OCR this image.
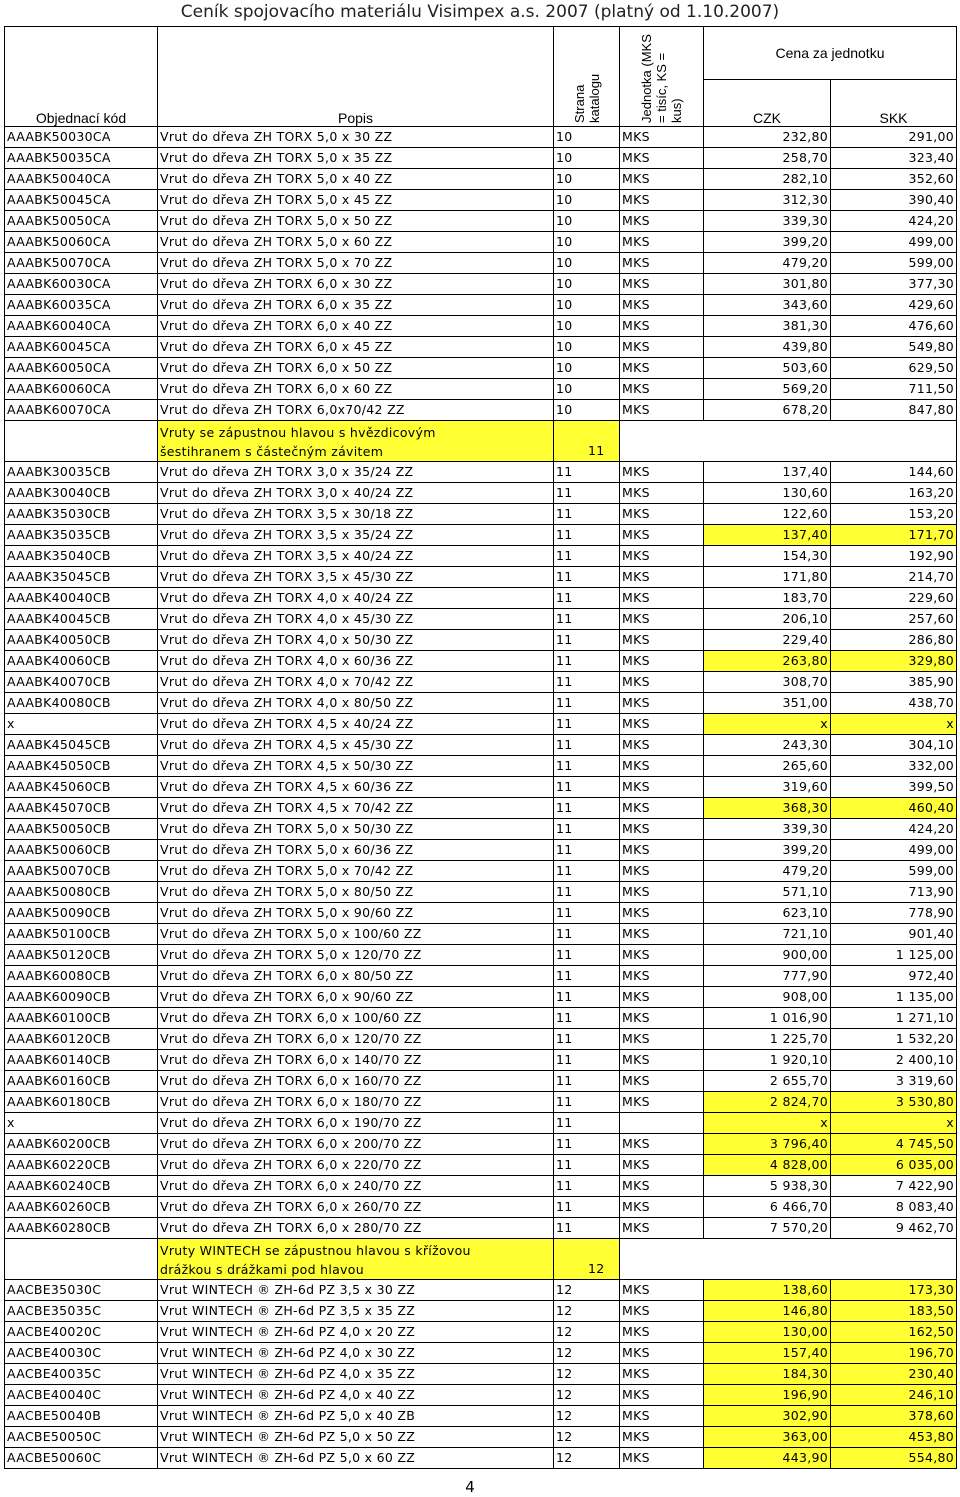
Ceník spojovacího materiálu Visimpex a.s. 2007 (platný od 1.10.2007)
Objednací kód	Popis	Strana katalogu	Jednotka (MKS = tisíc, KS = kus)	Cena za jednotku	
				CZK	SKK
AAABK50030CA	Vrut do dřeva ZH TORX 5,0 x 30 ZZ	10	MKS	232,80	291,00
AAABK50035CA	Vrut do dřeva ZH TORX 5,0 x 35 ZZ	10	MKS	258,70	323,40
AAABK50040CA	Vrut do dřeva ZH TORX 5,0 x 40 ZZ	10	MKS	282,10	352,60
AAABK50045CA	Vrut do dřeva ZH TORX 5,0 x 45 ZZ	10	MKS	312,30	390,40
AAABK50050CA	Vrut do dřeva ZH TORX 5,0 x 50 ZZ	10	MKS	339,30	424,20
AAABK50060CA	Vrut do dřeva ZH TORX 5,0 x 60 ZZ	10	MKS	399,20	499,00
AAABK50070CA	Vrut do dřeva ZH TORX 5,0 x 70 ZZ	10	MKS	479,20	599,00
AAABK60030CA	Vrut do dřeva ZH TORX 6,0 x 30 ZZ	10	MKS	301,80	377,30
AAABK60035CA	Vrut do dřeva ZH TORX 6,0 x 35 ZZ	10	MKS	343,60	429,60
AAABK60040CA	Vrut do dřeva ZH TORX 6,0 x 40 ZZ	10	MKS	381,30	476,60
AAABK60045CA	Vrut do dřeva ZH TORX 6,0 x 45 ZZ	10	MKS	439,80	549,80
AAABK60050CA	Vrut do dřeva ZH TORX 6,0 x 50 ZZ	10	MKS	503,60	629,50
AAABK60060CA	Vrut do dřeva ZH TORX 6,0 x 60 ZZ	10	MKS	569,20	711,50
AAABK60070CA	Vrut do dřeva ZH TORX 6,0x70/42 ZZ	10	MKS	678,20	847,80

	Vruty se zápustnou hlavou s hvězdicovým
šestihranem s částečným závitem	11			
AAABK30035CB	Vrut do dřeva ZH TORX 3,0 x 35/24 ZZ	11	MKS	137,40	144,60
AAABK30040CB	Vrut do dřeva ZH TORX 3,0 x 40/24 ZZ	11	MKS	130,60	163,20
AAABK35030CB	Vrut do dřeva ZH TORX 3,5 x 30/18 ZZ	11	MKS	122,60	153,20
AAABK35035CB	Vrut do dřeva ZH TORX 3,5 x 35/24 ZZ	11	MKS	137,40	171,70
AAABK35040CB	Vrut do dřeva ZH TORX 3,5 x 40/24 ZZ	11	MKS	154,30	192,90
AAABK35045CB	Vrut do dřeva ZH TORX 3,5 x 45/30 ZZ	11	MKS	171,80	214,70
AAABK40040CB	Vrut do dřeva ZH TORX 4,0 x 40/24 ZZ	11	MKS	183,70	229,60
AAABK40045CB	Vrut do dřeva ZH TORX 4,0 x 45/30 ZZ	11	MKS	206,10	257,60
AAABK40050CB	Vrut do dřeva ZH TORX 4,0 x 50/30 ZZ	11	MKS	229,40	286,80
AAABK40060CB	Vrut do dřeva ZH TORX 4,0 x 60/36 ZZ	11	MKS	263,80	329,80
AAABK40070CB	Vrut do dřeva ZH TORX 4,0 x 70/42 ZZ	11	MKS	308,70	385,90
AAABK40080CB	Vrut do dřeva ZH TORX 4,0 x 80/50 ZZ	11	MKS	351,00	438,70
x	Vrut do dřeva ZH TORX 4,5 x 40/24 ZZ	11	MKS	x	x
AAABK45045CB	Vrut do dřeva ZH TORX 4,5 x 45/30 ZZ	11	MKS	243,30	304,10
AAABK45050CB	Vrut do dřeva ZH TORX 4,5 x 50/30 ZZ	11	MKS	265,60	332,00
AAABK45060CB	Vrut do dřeva ZH TORX 4,5 x 60/36 ZZ	11	MKS	319,60	399,50
AAABK45070CB	Vrut do dřeva ZH TORX 4,5 x 70/42 ZZ	11	MKS	368,30	460,40
AAABK50050CB	Vrut do dřeva ZH TORX 5,0 x 50/30 ZZ	11	MKS	339,30	424,20
AAABK50060CB	Vrut do dřeva ZH TORX 5,0 x 60/36 ZZ	11	MKS	399,20	499,00
AAABK50070CB	Vrut do dřeva ZH TORX 5,0 x 70/42 ZZ	11	MKS	479,20	599,00
AAABK50080CB	Vrut do dřeva ZH TORX 5,0 x 80/50 ZZ	11	MKS	571,10	713,90
AAABK50090CB	Vrut do dřeva ZH TORX 5,0 x 90/60 ZZ	11	MKS	623,10	778,90
AAABK50100CB	Vrut do dřeva ZH TORX 5,0 x 100/60 ZZ	11	MKS	721,10	901,40
AAABK50120CB	Vrut do dřeva ZH TORX 5,0 x 120/70 ZZ	11	MKS	900,00	1 125,00
AAABK60080CB	Vrut do dřeva ZH TORX 6,0 x 80/50 ZZ	11	MKS	777,90	972,40
AAABK60090CB	Vrut do dřeva ZH TORX 6,0 x 90/60 ZZ	11	MKS	908,00	1 135,00
AAABK60100CB	Vrut do dřeva ZH TORX 6,0 x 100/60 ZZ	11	MKS	1 016,90	1 271,10
AAABK60120CB	Vrut do dřeva ZH TORX 6,0 x 120/70 ZZ	11	MKS	1 225,70	1 532,20
AAABK60140CB	Vrut do dřeva ZH TORX 6,0 x 140/70 ZZ	11	MKS	1 920,10	2 400,10
AAABK60160CB	Vrut do dřeva ZH TORX 6,0 x 160/70 ZZ	11	MKS	2 655,70	3 319,60
AAABK60180CB	Vrut do dřeva ZH TORX 6,0 x 180/70 ZZ	11	MKS	2 824,70	3 530,80
x	Vrut do dřeva ZH TORX 6,0 x 190/70 ZZ	11		x	x
AAABK60200CB	Vrut do dřeva ZH TORX 6,0 x 200/70 ZZ	11	MKS	3 796,40	4 745,50
AAABK60220CB	Vrut do dřeva ZH TORX 6,0 x 220/70 ZZ	11	MKS	4 828,00	6 035,00
AAABK60240CB	Vrut do dřeva ZH TORX 6,0 x 240/70 ZZ	11	MKS	5 938,30	7 422,90
AAABK60260CB	Vrut do dřeva ZH TORX 6,0 x 260/70 ZZ	11	MKS	6 466,70	8 083,40
AAABK60280CB	Vrut do dřeva ZH TORX 6,0 x 280/70 ZZ	11	MKS	7 570,20	9 462,70

	Vruty WINTECH se zápustnou hlavou s křížovou
drážkou s drážkami pod hlavou	12			
AACBE35030C	Vrut WINTECH ® ZH-6d PZ 3,5 x 30 ZZ	12	MKS	138,60	173,30
AACBE35035C	Vrut WINTECH ® ZH-6d PZ 3,5 x 35 ZZ	12	MKS	146,80	183,50
AACBE40020C	Vrut WINTECH ® ZH-6d PZ 4,0 x 20 ZZ	12	MKS	130,00	162,50
AACBE40030C	Vrut WINTECH ® ZH-6d PZ 4,0 x 30 ZZ	12	MKS	157,40	196,70
AACBE40035C	Vrut WINTECH ® ZH-6d PZ 4,0 x 35 ZZ	12	MKS	184,30	230,40
AACBE40040C	Vrut WINTECH ® ZH-6d PZ 4,0 x 40 ZZ	12	MKS	196,90	246,10
AACBE50040B	Vrut WINTECH ® ZH-6d PZ 5,0 x 40 ZB	12	MKS	302,90	378,60
AACBE50050C	Vrut WINTECH ® ZH-6d PZ 5,0 x 50 ZZ	12	MKS	363,00	453,80
AACBE50060C	Vrut WINTECH ® ZH-6d PZ 5,0 x 60 ZZ	12	MKS	443,90	554,80
4
